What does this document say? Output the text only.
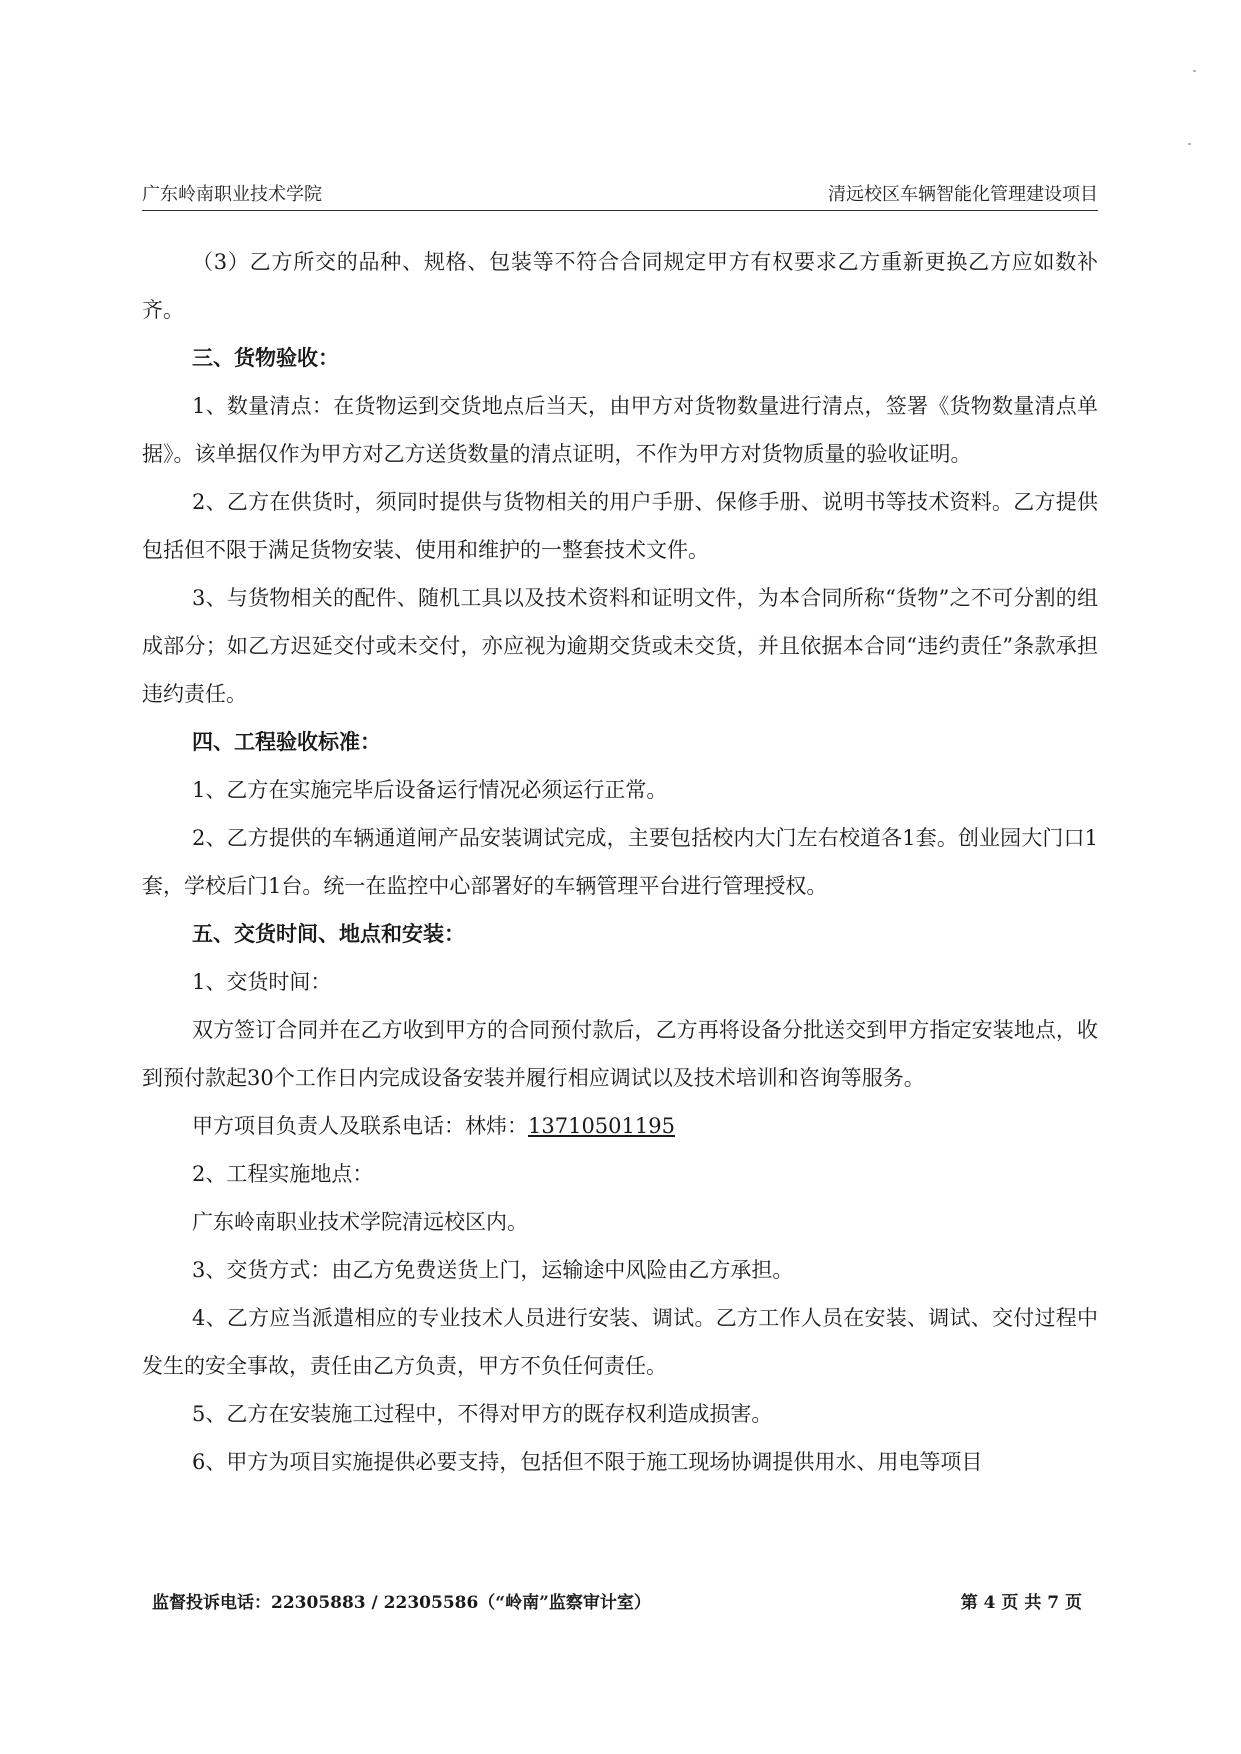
广东岭南职业技术学院	清远校区车辆智能化管理建设项目

（3）乙方所交的品种、规格、包装等不符合合同规定甲方有权要求乙方重新更换乙方应如数补齐。

三、货物验收：

1、数量清点：在货物运到交货地点后当天，由甲方对货物数量进行清点，签署《货物数量清点单据》。该单据仅作为甲方对乙方送货数量的清点证明，不作为甲方对货物质量的验收证明。

2、乙方在供货时，须同时提供与货物相关的用户手册、保修手册、说明书等技术资料。乙方提供包括但不限于满足货物安装、使用和维护的一整套技术文件。

3、与货物相关的配件、随机工具以及技术资料和证明文件，为本合同所称“货物”之不可分割的组成部分；如乙方迟延交付或未交付，亦应视为逾期交货或未交货，并且依据本合同“违约责任”条款承担违约责任。

四、工程验收标准：

1、乙方在实施完毕后设备运行情况必须运行正常。

2、乙方提供的车辆通道闸产品安装调试完成，主要包括校内大门左右校道各1套。创业园大门口1套，学校后门1台。统一在监控中心部署好的车辆管理平台进行管理授权。

五、交货时间、地点和安装：

1、交货时间：

双方签订合同并在乙方收到甲方的合同预付款后，乙方再将设备分批送交到甲方指定安装地点，收到预付款起30个工作日内完成设备安装并履行相应调试以及技术培训和咨询等服务。

甲方项目负责人及联系电话：林炜：13710501195

2、工程实施地点：

广东岭南职业技术学院清远校区内。

3、交货方式：由乙方免费送货上门，运输途中风险由乙方承担。

4、乙方应当派遣相应的专业技术人员进行安装、调试。乙方工作人员在安装、调试、交付过程中发生的安全事故，责任由乙方负责，甲方不负任何责任。

5、乙方在安装施工过程中，不得对甲方的既存权利造成损害。

6、甲方为项目实施提供必要支持，包括但不限于施工现场协调提供用水、用电等项目

监督投诉电话：22305883 / 22305586（“岭南”监察审计室）	第 4 页 共 7 页
